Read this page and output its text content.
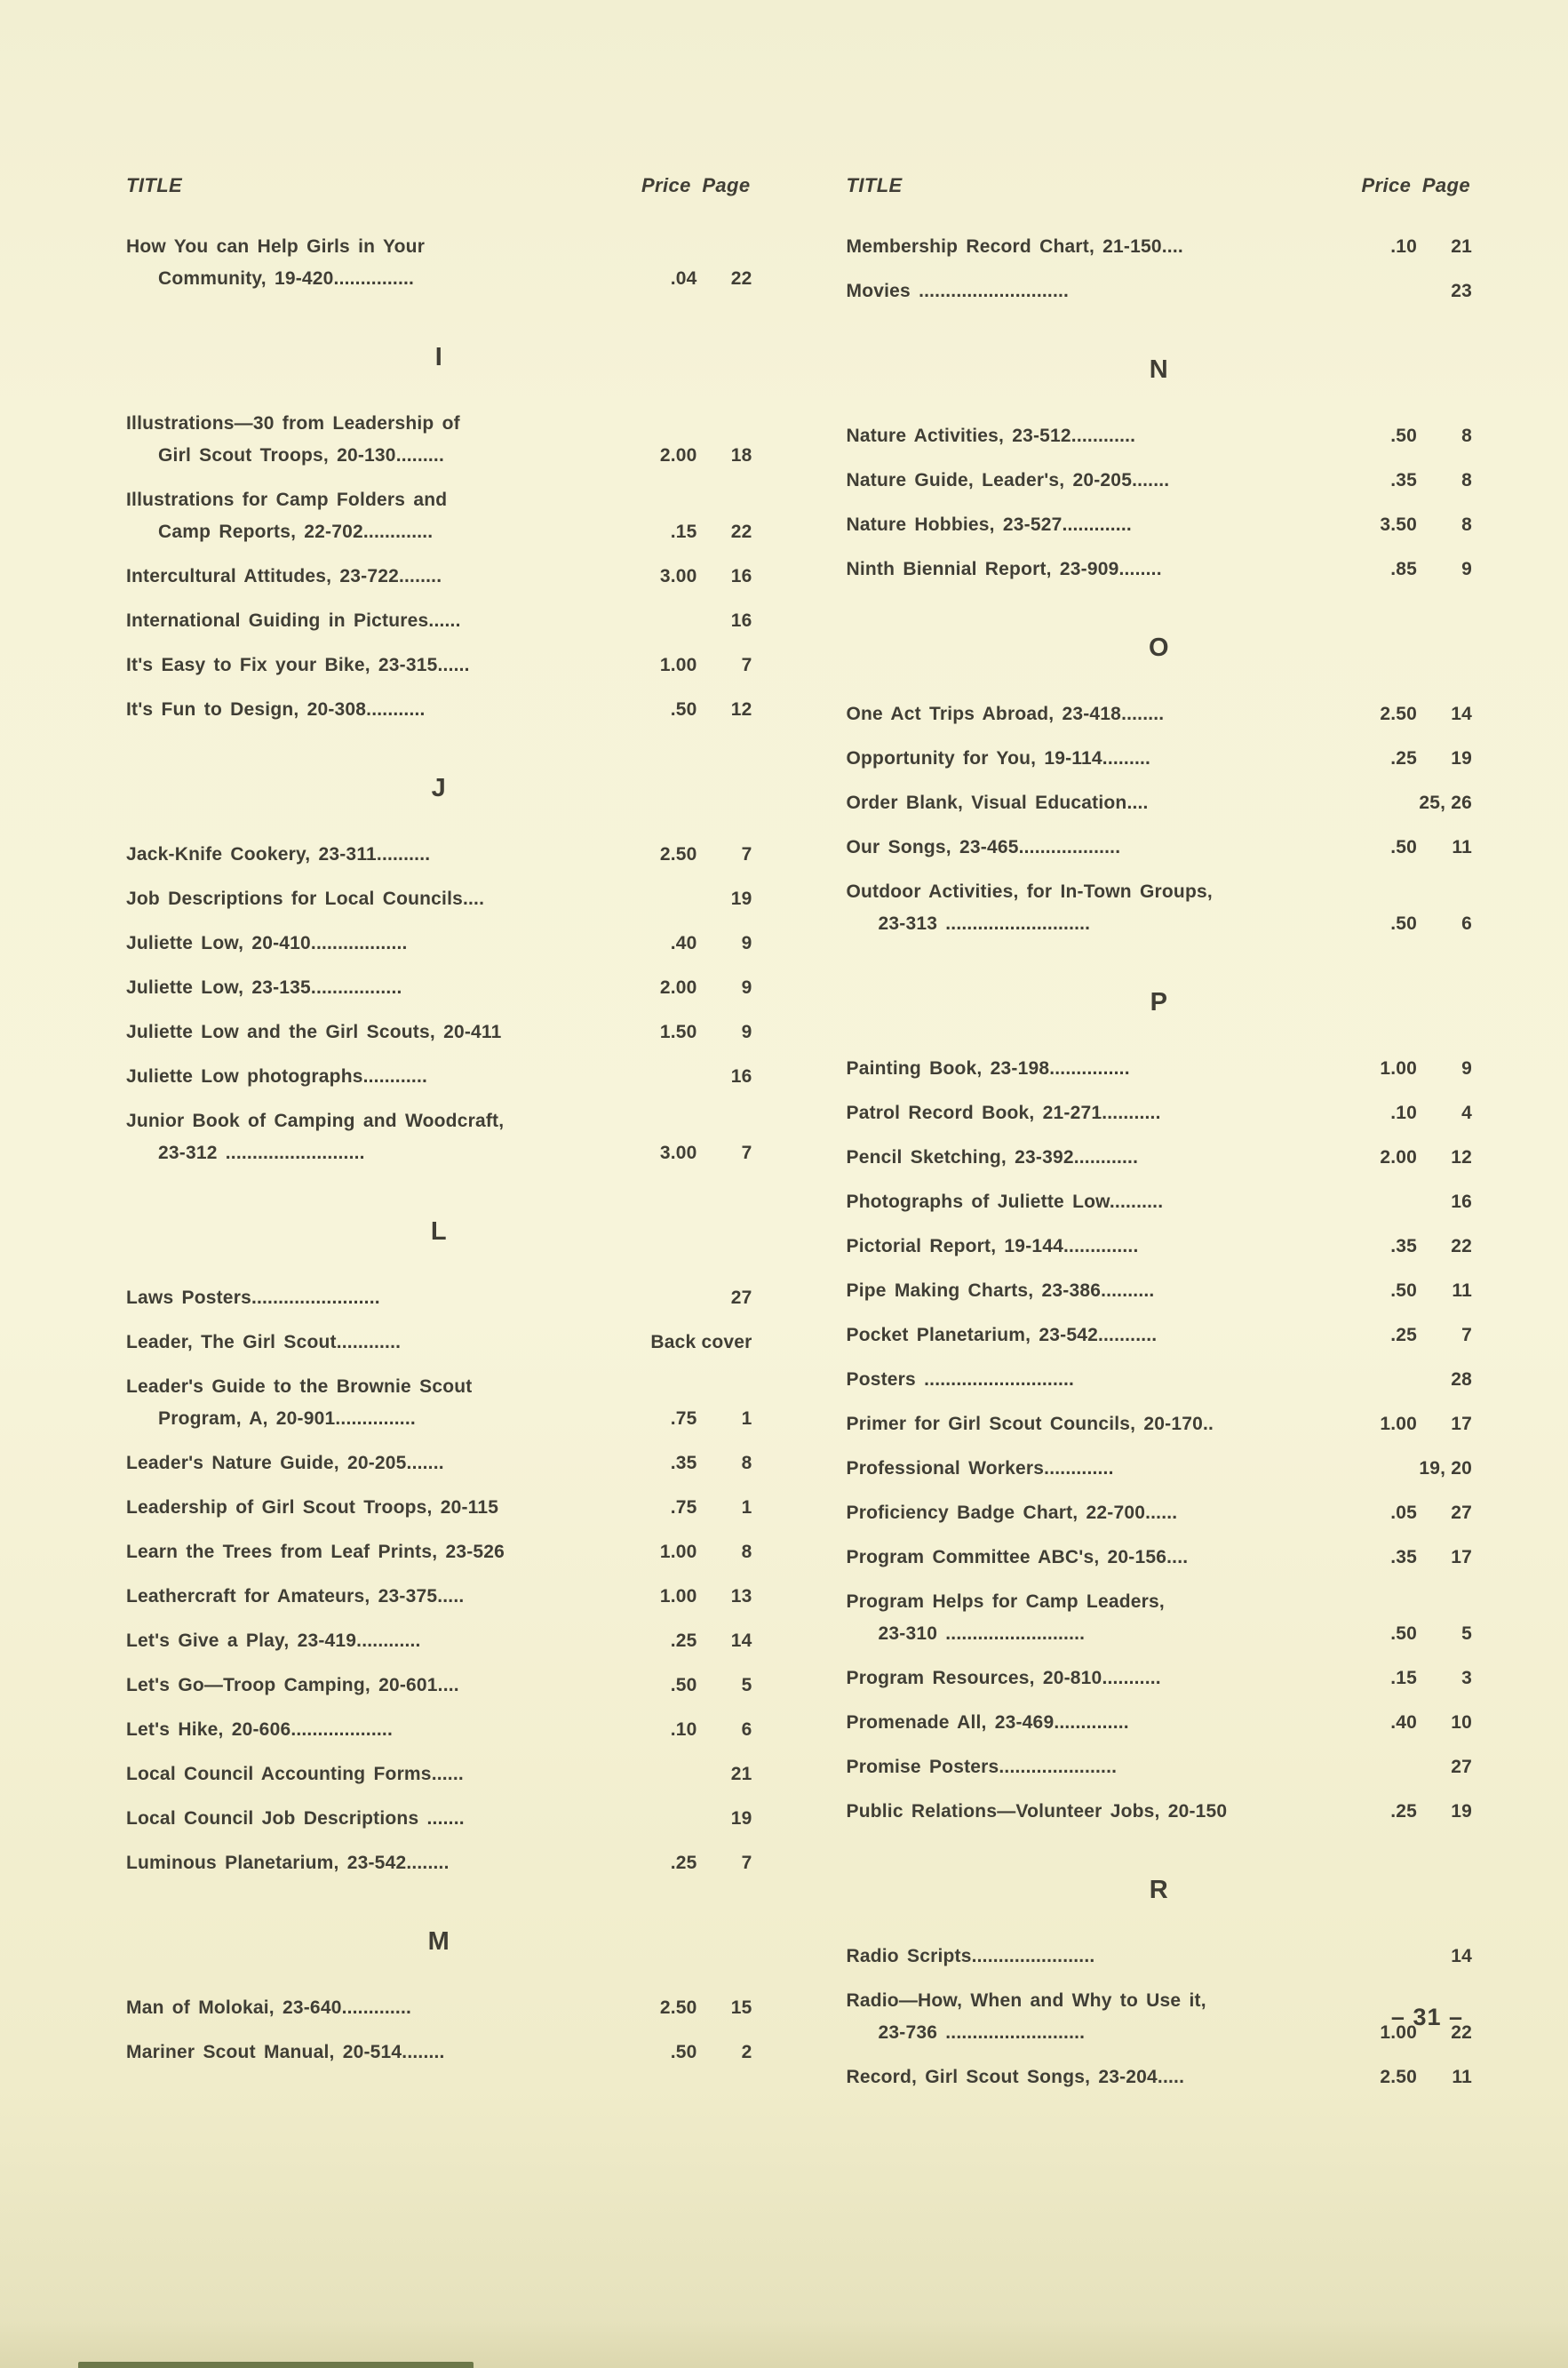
TITLE	Price Page
How You can Help Girls in Your
Community, 19-420...............	.04	22
I
Illustrations—30 from Leadership of
Girl Scout Troops, 20-130.........	2.00	18
Illustrations for Camp Folders and
Camp Reports, 22-702.............	.15	22
Intercultural Attitudes, 23-722........	3.00	16
International Guiding in Pictures......	16
It's Easy to Fix your Bike, 23-315......	1.00	7
It's Fun to Design, 20-308...........	.50	12
J
Jack-Knife Cookery, 23-311..........	2.50	7
Job Descriptions for Local Councils....	19
Juliette Low, 20-410..................	.40	9
Juliette Low, 23-135.................	2.00	9
Juliette Low and the Girl Scouts, 20-411	1.50	9
Juliette Low photographs............	16
Junior Book of Camping and Woodcraft,
23-312 ..........................	3.00	7
L
Laws Posters........................	27
Leader, The Girl Scout............	Back cover
Leader's Guide to the Brownie Scout
Program, A, 20-901...............	.75	1
Leader's Nature Guide, 20-205.......	.35	8
Leadership of Girl Scout Troops, 20-115	.75	1
Learn the Trees from Leaf Prints, 23-526	1.00	8
Leathercraft for Amateurs, 23-375.....	1.00	13
Let's Give a Play, 23-419............	.25	14
Let's Go—Troop Camping, 20-601....	.50	5
Let's Hike, 20-606...................	.10	6
Local Council Accounting Forms......	21
Local Council Job Descriptions .......	19
Luminous Planetarium, 23-542........	.25	7
M
Man of Molokai, 23-640.............	2.50	15
Mariner Scout Manual, 20-514........	.50	2
TITLE	Price Page
Membership Record Chart, 21-150....	.10	21
Movies ............................	23
N
Nature Activities, 23-512............	.50	8
Nature Guide, Leader's, 20-205.......	.35	8
Nature Hobbies, 23-527.............	3.50	8
Ninth Biennial Report, 23-909........	.85	9
O
One Act Trips Abroad, 23-418........	2.50	14
Opportunity for You, 19-114.........	.25	19
Order Blank, Visual Education....	25, 26
Our Songs, 23-465...................	.50	11
Outdoor Activities, for In-Town Groups,
23-313 ...........................	.50	6
P
Painting Book, 23-198...............	1.00	9
Patrol Record Book, 21-271...........	.10	4
Pencil Sketching, 23-392............	2.00	12
Photographs of Juliette Low..........	16
Pictorial Report, 19-144..............	.35	22
Pipe Making Charts, 23-386..........	.50	11
Pocket Planetarium, 23-542...........	.25	7
Posters ............................	28
Primer for Girl Scout Councils, 20-170..	1.00	17
Professional Workers.............	19, 20
Proficiency Badge Chart, 22-700......	.05	27
Program Committee ABC's, 20-156....	.35	17
Program Helps for Camp Leaders,
23-310 ..........................	.50	5
Program Resources, 20-810...........	.15	3
Promenade All, 23-469..............	.40	10
Promise Posters......................	27
Public Relations—Volunteer Jobs, 20-150	.25	19
R
Radio Scripts.......................	14
Radio—How, When and Why to Use it,
23-736 ..........................	1.00	22
Record, Girl Scout Songs, 23-204.....	2.50	11
– 31 –
